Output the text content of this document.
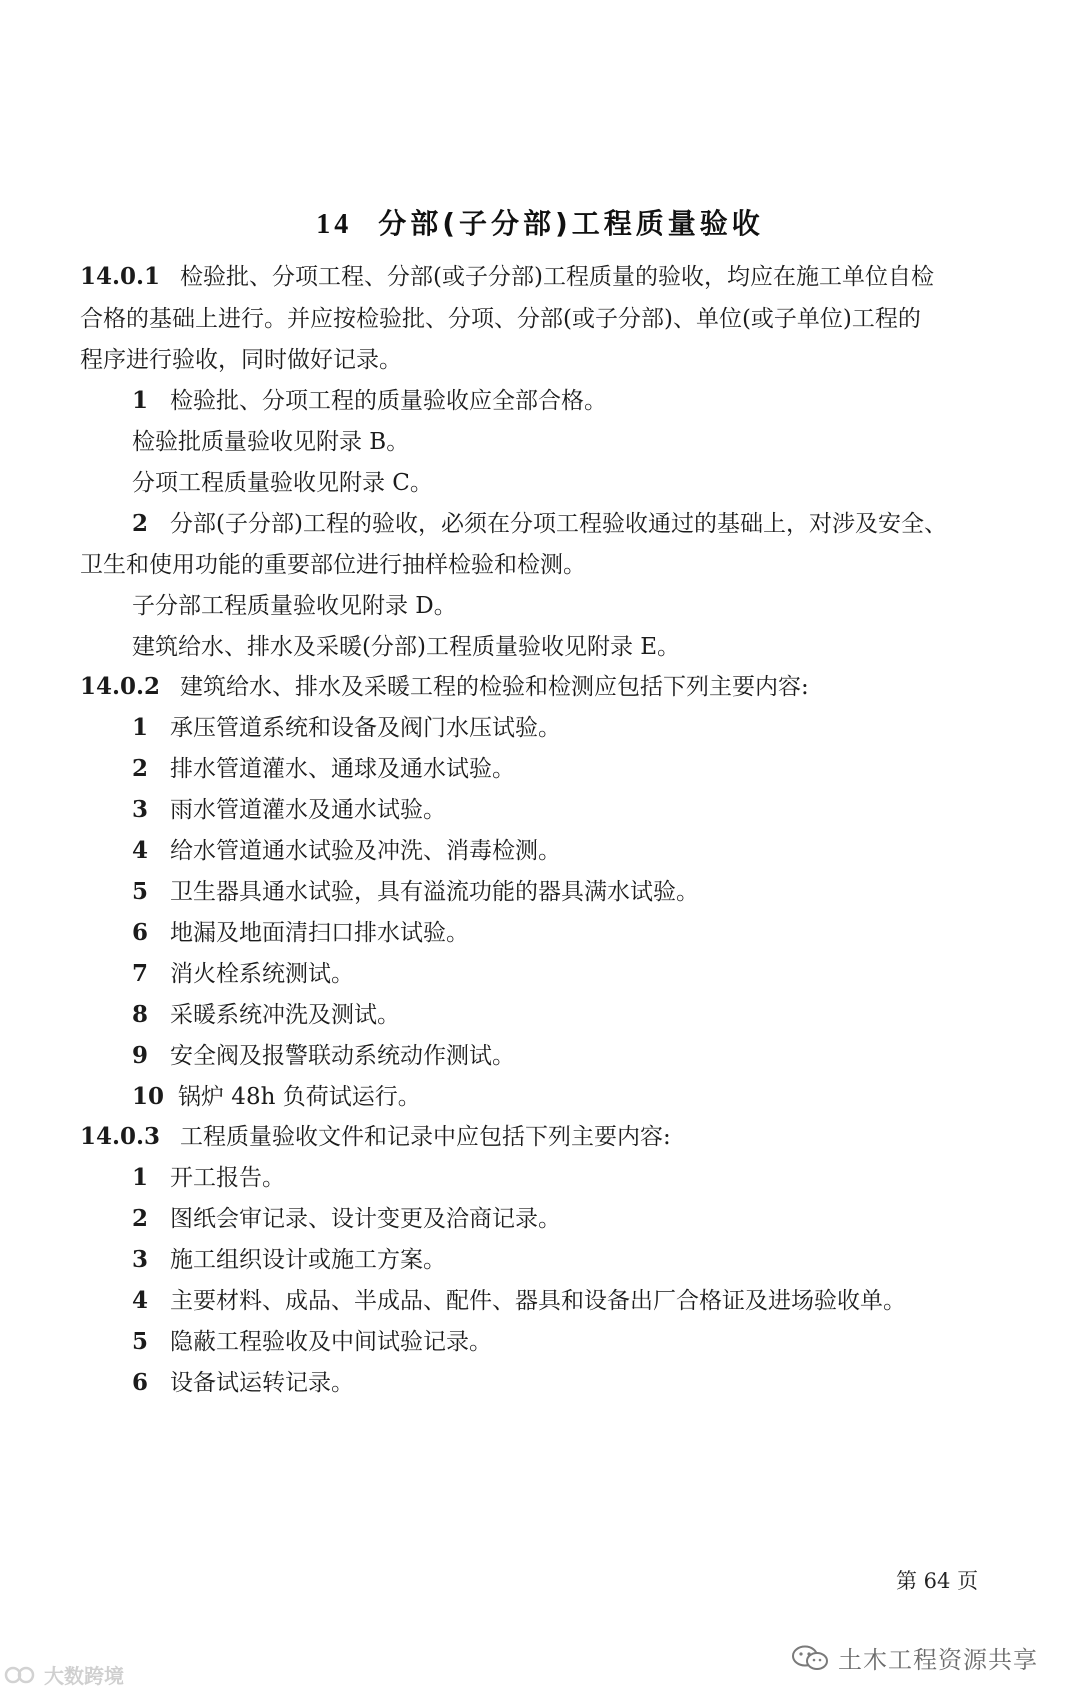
14 分部(子分部)工程质量验收
14.0.1 检验批、分项工程、分部(或子分部)工程质量的验收，均应在施工单位自检
合格的基础上进行。并应按检验批、分项、分部(或子分部)、单位(或子单位)工程的
程序进行验收，同时做好记录。
1 检验批、分项工程的质量验收应全部合格。
检验批质量验收见附录 B。
分项工程质量验收见附录 C。
2 分部(子分部)工程的验收，必须在分项工程验收通过的基础上，对涉及安全、
卫生和使用功能的重要部位进行抽样检验和检测。
子分部工程质量验收见附录 D。
建筑给水、排水及采暖(分部)工程质量验收见附录 E。
14.0.2 建筑给水、排水及采暖工程的检验和检测应包括下列主要内容:
1 承压管道系统和设备及阀门水压试验。
2 排水管道灌水、通球及通水试验。
3 雨水管道灌水及通水试验。
4 给水管道通水试验及冲洗、消毒检测。
5 卫生器具通水试验，具有溢流功能的器具满水试验。
6 地漏及地面清扫口排水试验。
7 消火栓系统测试。
8 采暖系统冲洗及测试。
9 安全阀及报警联动系统动作测试。
10 锅炉 48h 负荷试运行。
14.0.3 工程质量验收文件和记录中应包括下列主要内容:
1 开工报告。
2 图纸会审记录、设计变更及洽商记录。
3 施工组织设计或施工方案。
4 主要材料、成品、半成品、配件、器具和设备出厂合格证及进场验收单。
5 隐蔽工程验收及中间试验记录。
6 设备试运转记录。
第 64 页
土木工程资源共享
大数跨境
